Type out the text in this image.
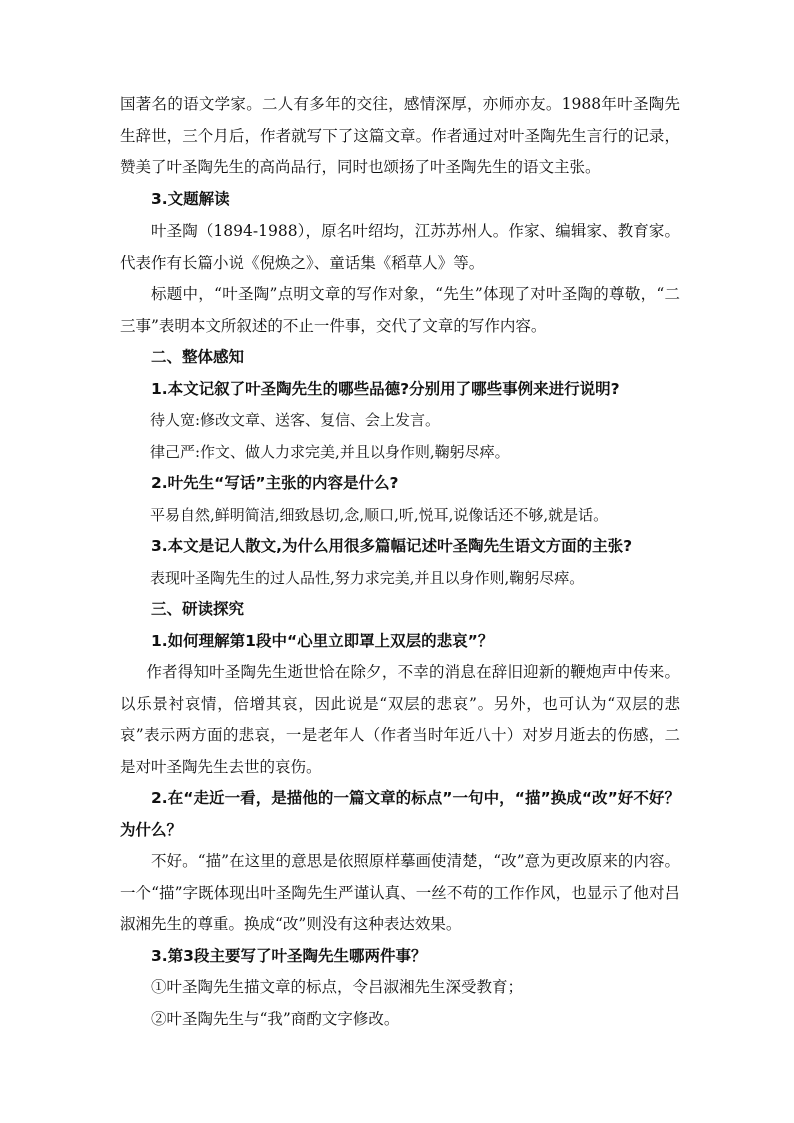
国著名的语文学家。二人有多年的交往，感情深厚，亦师亦友。1988年叶圣陶先生辞世，三个月后，作者就写下了这篇文章。作者通过对叶圣陶先生言行的记录，赞美了叶圣陶先生的高尚品行，同时也颂扬了叶圣陶先生的语文主张。

3.文题解读

叶圣陶（1894-1988），原名叶绍均，江苏苏州人。作家、编辑家、教育家。代表作有长篇小说《倪焕之》、童话集《稻草人》等。

标题中，“叶圣陶”点明文章的写作对象，“先生”体现了对叶圣陶的尊敬，“二三事”表明本文所叙述的不止一件事，交代了文章的写作内容。

二、整体感知

1.本文记叙了叶圣陶先生的哪些品德?分别用了哪些事例来进行说明?

待人宽:修改文章、送客、复信、会上发言。

律己严:作文、做人力求完美,并且以身作则,鞠躬尽瘁。

2.叶先生“写话”主张的内容是什么?

平易自然,鲜明简洁,细致恳切,念,顺口,听,悦耳,说像话还不够,就是话。

3.本文是记人散文,为什么用很多篇幅记述叶圣陶先生语文方面的主张?

表现叶圣陶先生的过人品性,努力求完美,并且以身作则,鞠躬尽瘁。

三、研读探究

1.如何理解第1段中“心里立即罩上双层的悲哀”？

作者得知叶圣陶先生逝世恰在除夕，不幸的消息在辞旧迎新的鞭炮声中传来。以乐景衬哀情，倍增其哀，因此说是“双层的悲哀”。另外，也可认为“双层的悲哀”表示两方面的悲哀，一是老年人（作者当时年近八十）对岁月逝去的伤感，二是对叶圣陶先生去世的哀伤。

2.在“走近一看，是描他的一篇文章的标点”一句中，“描”换成“改”好不好？为什么？

不好。“描”在这里的意思是依照原样摹画使清楚，“改”意为更改原来的内容。一个“描”字既体现出叶圣陶先生严谨认真、一丝不苟的工作作风，也显示了他对吕淑湘先生的尊重。换成“改”则没有这种表达效果。

3.第3段主要写了叶圣陶先生哪两件事？

①叶圣陶先生描文章的标点，令吕淑湘先生深受教育；

②叶圣陶先生与“我”商酌文字修改。
